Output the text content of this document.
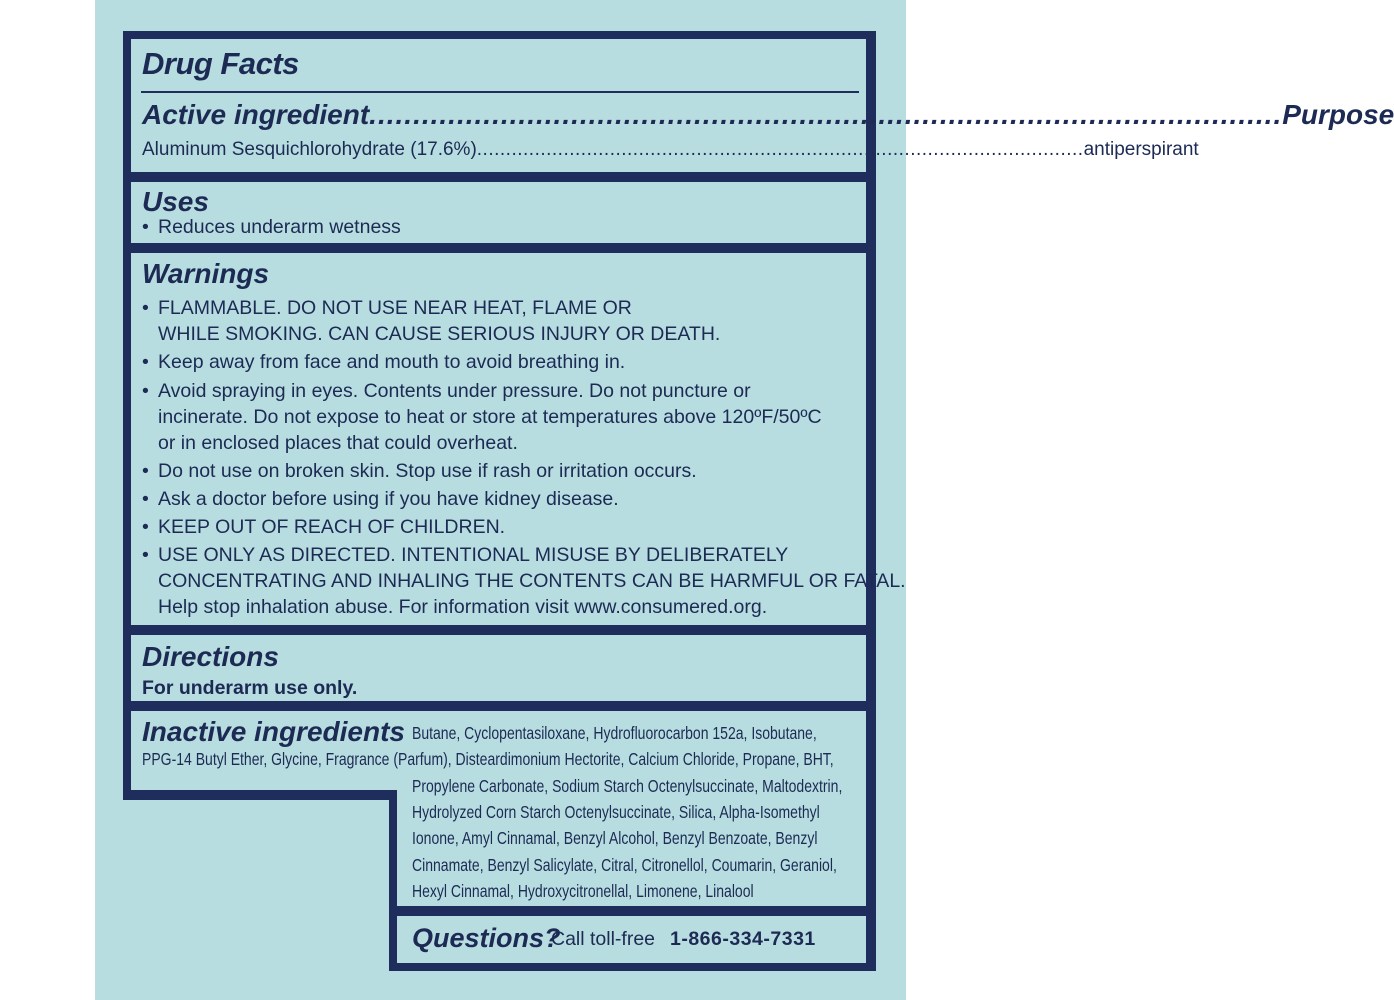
Drug Facts
Active ingredient ........................................................................................................ Purpose
Aluminum Sesquichlorohydrate (17.6%) ......................................................................................................... antiperspirant
Uses
• Reduces underarm wetness
Warnings
• FLAMMABLE. DO NOT USE NEAR HEAT, FLAME OR
WHILE SMOKING. CAN CAUSE SERIOUS INJURY OR DEATH.
• Keep away from face and mouth to avoid breathing in.
• Avoid spraying in eyes. Contents under pressure. Do not puncture or
incinerate. Do not expose to heat or store at temperatures above 120ºF/50ºC
or in enclosed places that could overheat.
• Do not use on broken skin. Stop use if rash or irritation occurs.
• Ask a doctor before using if you have kidney disease.
• KEEP OUT OF REACH OF CHILDREN.
• USE ONLY AS DIRECTED. INTENTIONAL MISUSE BY DELIBERATELY
CONCENTRATING AND INHALING THE CONTENTS CAN BE HARMFUL OR FATAL.
Help stop inhalation abuse. For information visit www.consumered.org.
Directions
For underarm use only.
Inactive ingredients Butane, Cyclopentasiloxane, Hydrofluorocarbon 152a, Isobutane,
PPG-14 Butyl Ether, Glycine, Fragrance (Parfum), Disteardimonium Hectorite, Calcium Chloride, Propane, BHT,
Propylene Carbonate, Sodium Starch Octenylsuccinate, Maltodextrin,
Hydrolyzed Corn Starch Octenylsuccinate, Silica, Alpha-Isomethyl
Ionone, Amyl Cinnamal, Benzyl Alcohol, Benzyl Benzoate, Benzyl
Cinnamate, Benzyl Salicylate, Citral, Citronellol, Coumarin, Geraniol,
Hexyl Cinnamal, Hydroxycitronellal, Limonene, Linalool
Questions?
Call toll-free 1-866-334-7331
